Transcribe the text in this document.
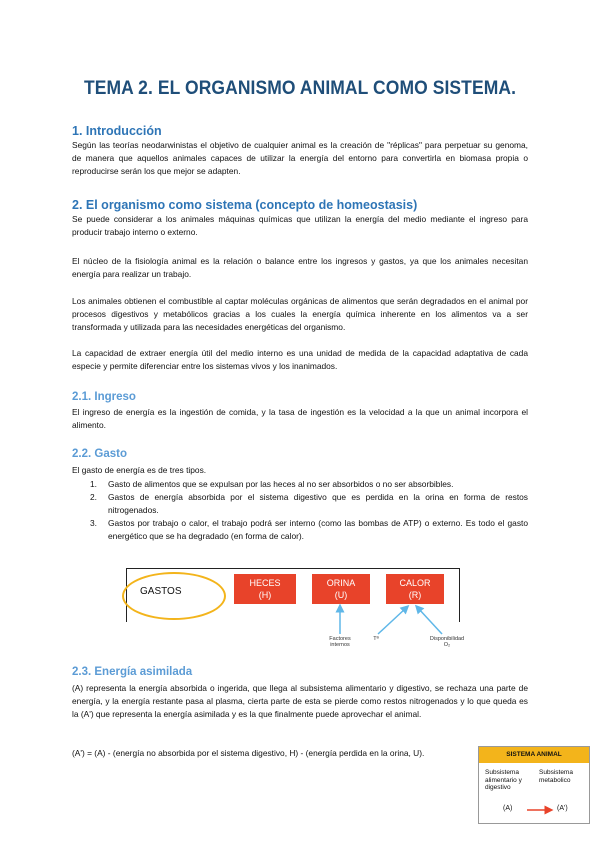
TEMA 2. EL ORGANISMO ANIMAL COMO SISTEMA.
1. Introducción
Según las teorías neodarwinistas el objetivo de cualquier animal es la creación de "réplicas" para perpetuar su genoma, de manera que aquellos animales capaces de utilizar la energía del entorno para convertirla en biomasa propia o reproducirse serán los que mejor se adapten.
2. El organismo como sistema (concepto de homeostasis)
Se puede considerar a los animales máquinas químicas que utilizan la energía del medio mediante el ingreso para producir trabajo interno o externo.
El núcleo de la fisiología animal es la relación o balance entre los ingresos y gastos, ya que los animales necesitan energía para realizar un trabajo.
Los animales obtienen el combustible al captar moléculas orgánicas de alimentos que serán degradados en el animal por procesos digestivos y metabólicos gracias a los cuales la energía química inherente en los alimentos va a ser transformada y utilizada para las necesidades energéticas del organismo.
La capacidad de extraer energía útil del medio interno es una unidad de medida de la capacidad adaptativa de cada especie y permite diferenciar entre los sistemas vivos y los inanimados.
2.1. Ingreso
El ingreso de energía es la ingestión de comida, y la tasa de ingestión es la velocidad a la que un animal incorpora el alimento.
2.2. Gasto
El gasto de energía es de tres tipos.
1. Gasto de alimentos que se expulsan por las heces al no ser absorbidos o no ser absorbibles.
2. Gastos de energía absorbida por el sistema digestivo que es perdida en la orina en forma de restos nitrogenados.
3. Gastos por trabajo o calor, el trabajo podrá ser interno (como las bombas de ATP) o externo. Es todo el gasto energético que se ha degradado (en forma de calor).
GASTOS
HECES
(H)
ORINA
(U)
CALOR
(R)
Factores
internos
Tª	Disponibilidad
O₂
2.3. Energía asimilada
(A) representa la energía absorbida o ingerida, que llega al subsistema alimentario y digestivo, se rechaza una parte de energía, y la energía restante pasa al plasma, cierta parte de esta se pierde como restos nitrogenados y lo que queda es la (A') que representa la energía asimilada y es la que finalmente puede aprovechar el animal.
(A') = (A) - (energía no absorbida por el sistema digestivo, H) - (energía perdida en la orina, U).	SISTEMA ANIMAL
Subsistema
alimentario y
digestivo
Subsistema
metabolico
(A)	(A')
